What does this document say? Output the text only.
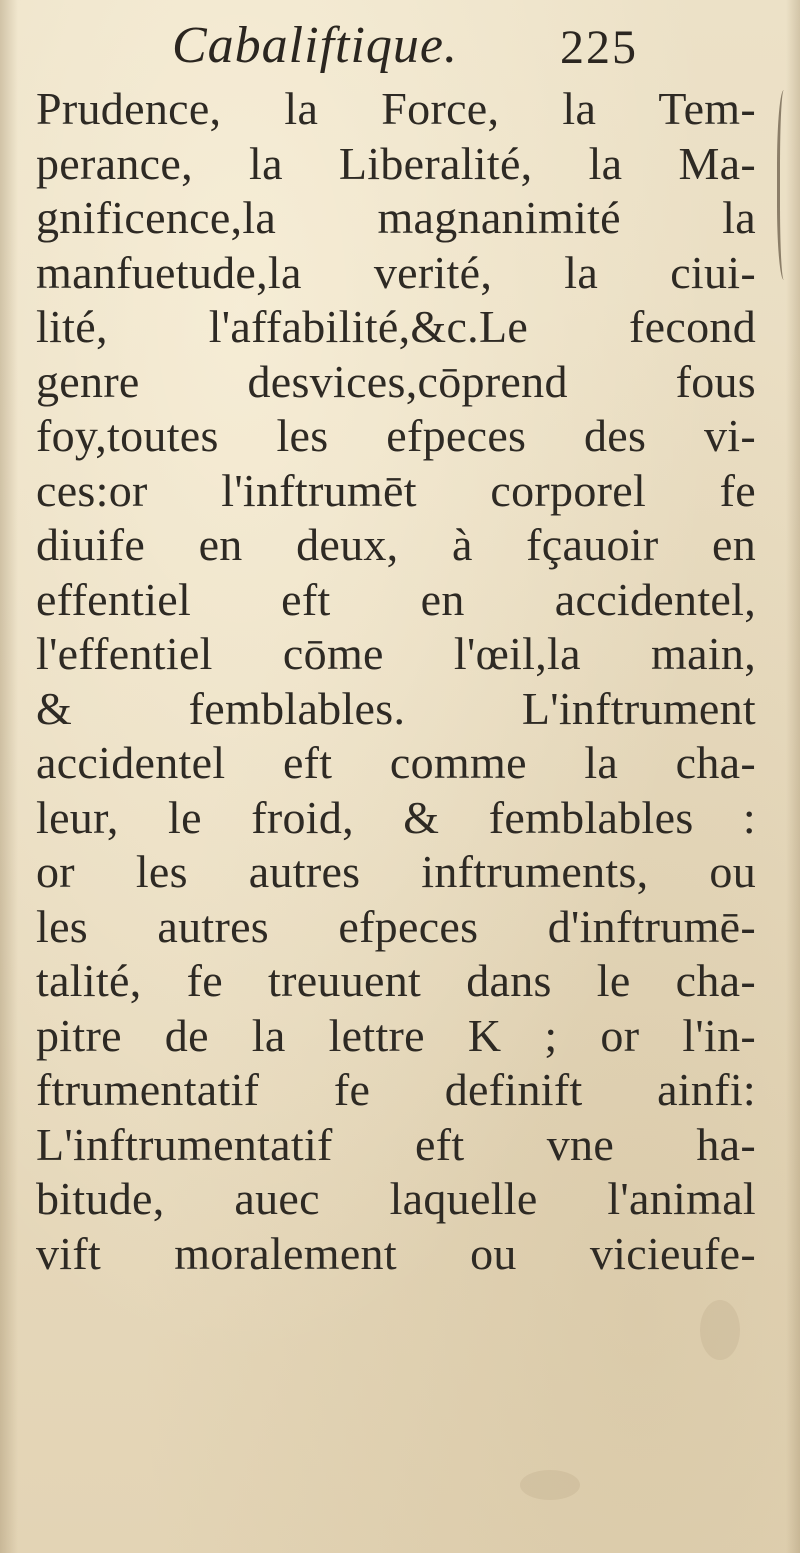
Cabaliftique. 225
Prudence, la Force, la Tem-
perance, la Liberalité, la Ma-
gnificence,la magnanimité la
manfuetude,la verité, la ciui-
lité, l'affabilité,&c.Le fecond
genre desvices,cōprend fous
foy,toutes les efpeces des vi-
ces:or l'inftrumēt corporel fe
diuife en deux, à fçauoir en
effentiel eft en accidentel,
l'effentiel cōme l'œil,la main,
& femblables. L'inftrument
accidentel eft comme la cha-
leur, le froid, & femblables :
or les autres inftruments, ou
les autres efpeces d'inftrumē-
talité, fe treuuent dans le cha-
pitre de la lettre K ; or l'in-
ftrumentatif fe definift ainfi:
L'inftrumentatif eft vne ha-
bitude, auec laquelle l'animal
vift moralement ou vicieufe-
